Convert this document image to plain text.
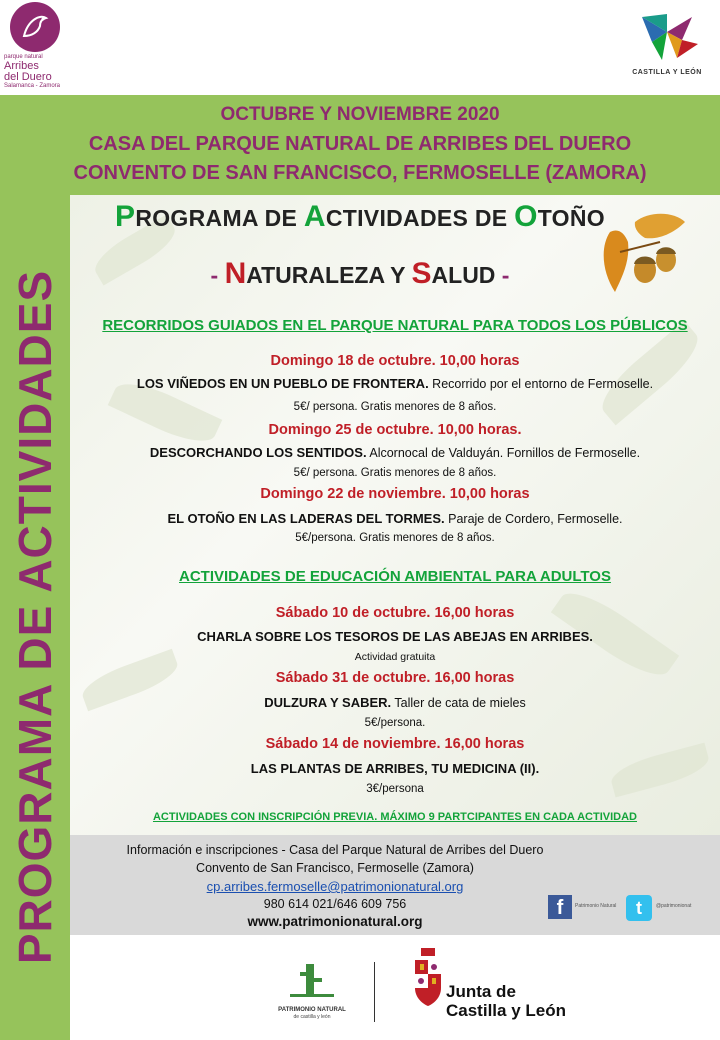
parque natural
Arribes
del Duero
Salamanca - Zamora
CASTILLA Y LEÓN
OCTUBRE Y NOVIEMBRE 2020
CASA DEL PARQUE NATURAL DE ARRIBES DEL DUERO
CONVENTO DE SAN FRANCISCO, FERMOSELLE (ZAMORA)
PROGRAMA DE ACTIVIDADES
PROGRAMA DE ACTIVIDADES DE OTOÑO
- NATURALEZA Y SALUD -
RECORRIDOS GUIADOS EN EL PARQUE NATURAL PARA TODOS LOS PÚBLICOS
Domingo 18 de octubre. 10,00 horas
LOS VIÑEDOS EN UN PUEBLO DE FRONTERA. Recorrido por el entorno de Fermoselle.
5€/ persona. Gratis menores de 8 años.
Domingo 25 de octubre. 10,00 horas.
DESCORCHANDO LOS SENTIDOS. Alcornocal de Valduyán. Fornillos de Fermoselle.
5€/ persona. Gratis menores de 8 años.
Domingo 22 de noviembre. 10,00 horas
EL OTOÑO EN LAS LADERAS DEL TORMES. Paraje de Cordero, Fermoselle.
5€/persona. Gratis menores de 8 años.
ACTIVIDADES DE EDUCACIÓN AMBIENTAL PARA ADULTOS
Sábado 10 de octubre. 16,00 horas
CHARLA SOBRE LOS TESOROS DE LAS ABEJAS EN ARRIBES.
Actividad gratuita
Sábado 31 de octubre. 16,00 horas
DULZURA Y SABER. Taller de cata de mieles
5€/persona.
Sábado 14 de noviembre. 16,00 horas
LAS PLANTAS DE ARRIBES, TU MEDICINA (II).
3€/persona
ACTIVIDADES CON INSCRIPCIÓN PREVIA. MÁXIMO 9 PARTCIPANTES EN CADA ACTIVIDAD
Información e inscripciones - Casa del Parque Natural de Arribes del Duero
Convento de San Francisco, Fermoselle (Zamora)
cp.arribes.fermoselle@patrimonionatural.org
980 614 021/646 609 756
www.patrimonionatural.org
f	Patrimonio Natural	t	@patrimonionat
PATRIMONIO NATURAL
de castilla y león
Junta de
Castilla y León
